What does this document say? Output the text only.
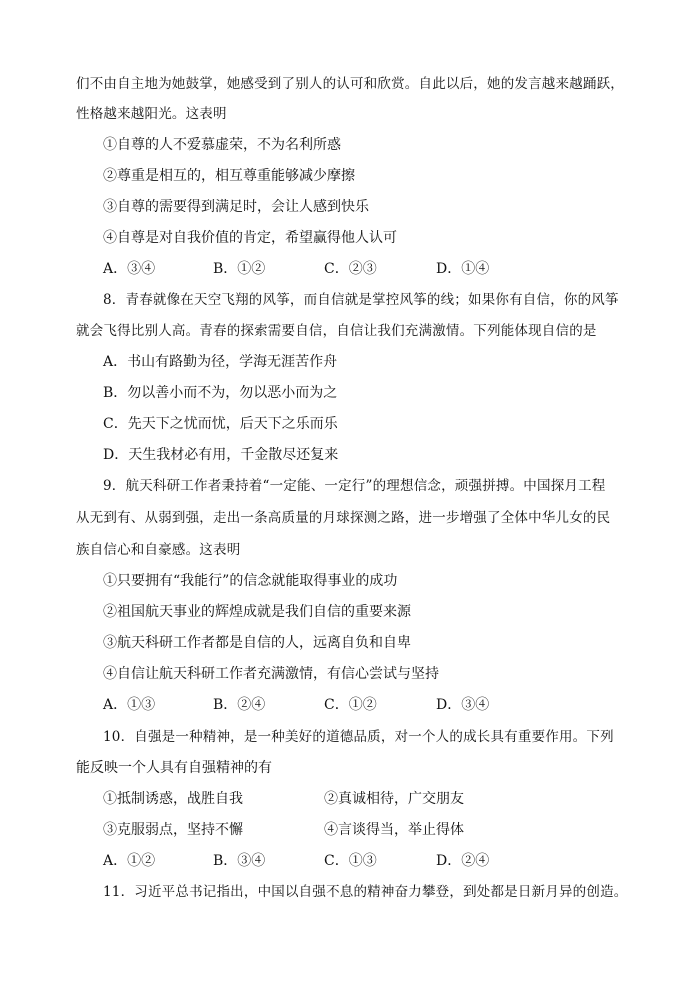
们不由自主地为她鼓掌，她感受到了别人的认可和欣赏。自此以后，她的发言越来越踊跃，
性格越来越阳光。这表明
①自尊的人不爱慕虚荣，不为名利所惑
②尊重是相互的，相互尊重能够减少摩擦
③自尊的需要得到满足时，会让人感到快乐
④自尊是对自我价值的肯定，希望赢得他人认可
A．③④	B．①②	C．②③	D．①④
8．青春就像在天空飞翔的风筝，而自信就是掌控风筝的线；如果你有自信，你的风筝
就会飞得比别人高。青春的探索需要自信，自信让我们充满激情。下列能体现自信的是
A．书山有路勤为径，学海无涯苦作舟
B．勿以善小而不为，勿以恶小而为之
C．先天下之忧而忧，后天下之乐而乐
D．天生我材必有用，千金散尽还复来
9．航天科研工作者秉持着“一定能、一定行”的理想信念，顽强拼搏。中国探月工程
从无到有、从弱到强，走出一条高质量的月球探测之路，进一步增强了全体中华儿女的民
族自信心和自豪感。这表明
①只要拥有“我能行”的信念就能取得事业的成功
②祖国航天事业的辉煌成就是我们自信的重要来源
③航天科研工作者都是自信的人，远离自负和自卑
④自信让航天科研工作者充满激情，有信心尝试与坚持
A．①③	B．②④	C．①②	D．③④
10．自强是一种精神，是一种美好的道德品质，对一个人的成长具有重要作用。下列
能反映一个人具有自强精神的有
①抵制诱惑，战胜自我	②真诚相待，广交朋友
③克服弱点，坚持不懈	④言谈得当，举止得体
A．①②	B．③④	C．①③	D．②④
11．习近平总书记指出，中国以自强不息的精神奋力攀登，到处都是日新月异的创造。
